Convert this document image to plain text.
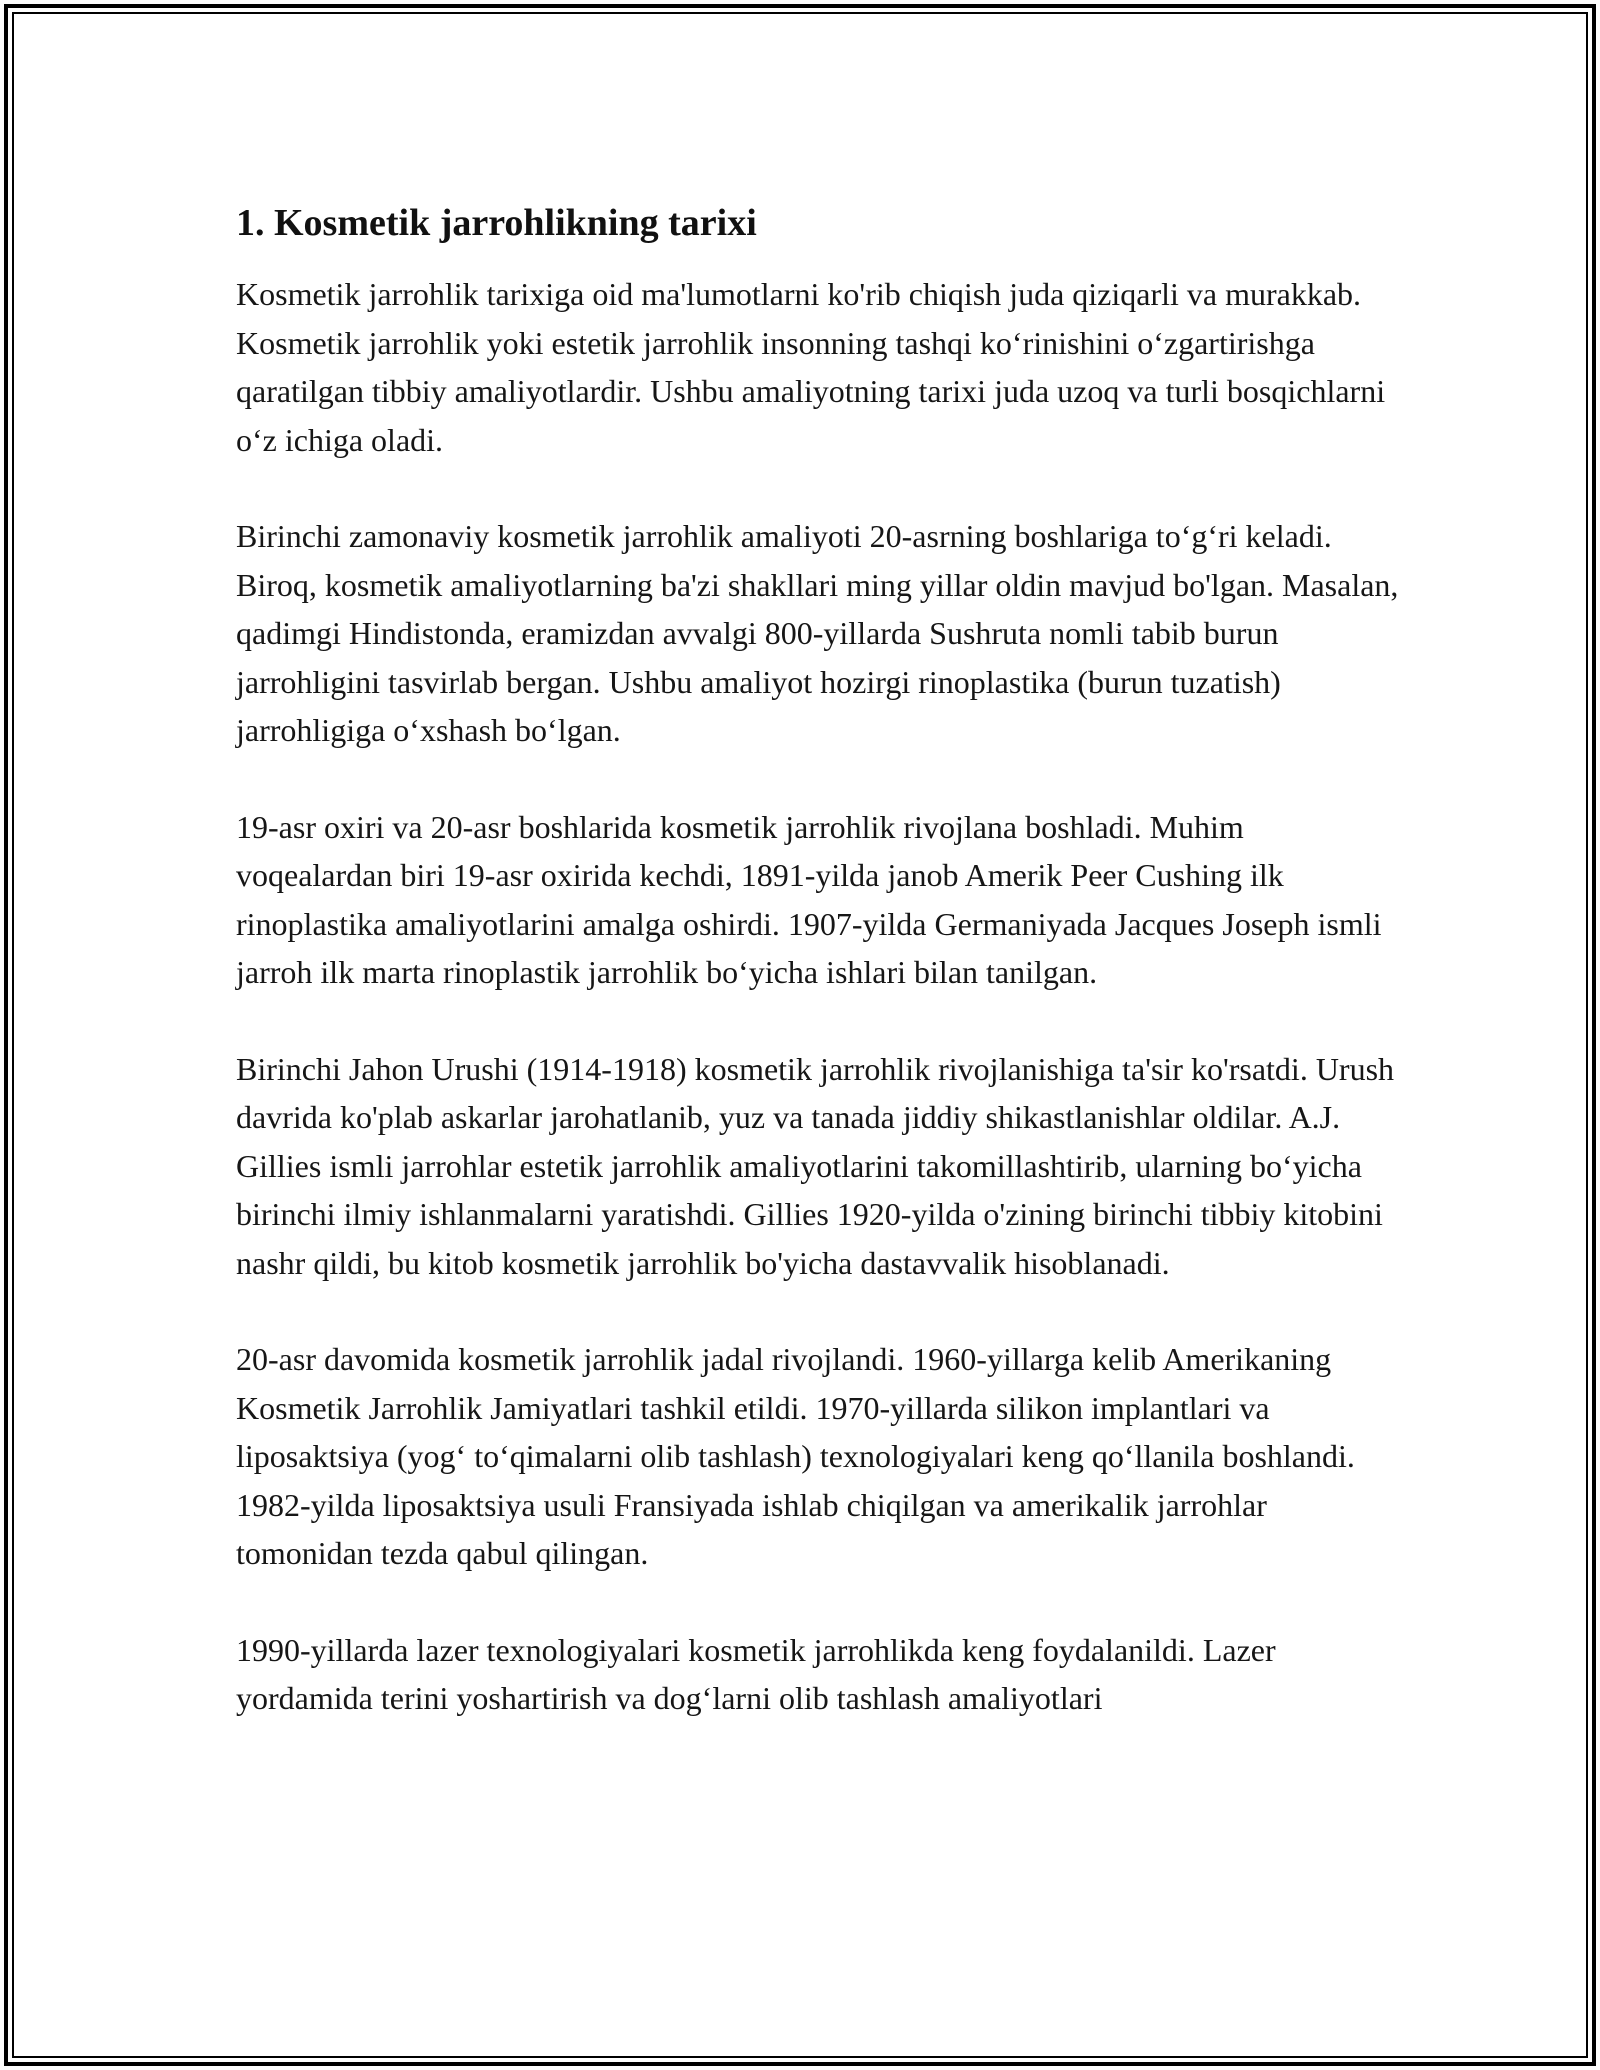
1. Kosmetik jarrohlikning tarixi

Kosmetik jarrohlik tarixiga oid ma'lumotlarni ko'rib chiqish juda qiziqarli va murakkab. Kosmetik jarrohlik yoki estetik jarrohlik insonning tashqi koʻrinishini oʻzgartirishga qaratilgan tibbiy amaliyotlardir. Ushbu amaliyotning tarixi juda uzoq va turli bosqichlarni oʻz ichiga oladi.

Birinchi zamonaviy kosmetik jarrohlik amaliyoti 20-asrning boshlariga toʻgʻri keladi. Biroq, kosmetik amaliyotlarning ba'zi shakllari ming yillar oldin mavjud bo'lgan. Masalan, qadimgi Hindistonda, eramizdan avvalgi 800-yillarda Sushruta nomli tabib burun jarrohligini tasvirlab bergan. Ushbu amaliyot hozirgi rinoplastika (burun tuzatish) jarrohligiga oʻxshash boʻlgan.

19-asr oxiri va 20-asr boshlarida kosmetik jarrohlik rivojlana boshladi. Muhim voqealardan biri 19-asr oxirida kechdi, 1891-yilda janob Amerik Peer Cushing ilk rinoplastika amaliyotlarini amalga oshirdi. 1907-yilda Germaniyada Jacques Joseph ismli jarroh ilk marta rinoplastik jarrohlik boʻyicha ishlari bilan tanilgan.

Birinchi Jahon Urushi (1914-1918) kosmetik jarrohlik rivojlanishiga ta'sir ko'rsatdi. Urush davrida ko'plab askarlar jarohatlanib, yuz va tanada jiddiy shikastlanishlar oldilar. A.J. Gillies ismli jarrohlar estetik jarrohlik amaliyotlarini takomillashtirib, ularning boʻyicha birinchi ilmiy ishlanmalarni yaratishdi. Gillies 1920-yilda o'zining birinchi tibbiy kitobini nashr qildi, bu kitob kosmetik jarrohlik bo'yicha dastavvalik hisoblanadi.

20-asr davomida kosmetik jarrohlik jadal rivojlandi. 1960-yillarga kelib Amerikaning Kosmetik Jarrohlik Jamiyatlari tashkil etildi. 1970-yillarda silikon implantlari va liposaktsiya (yogʻ toʻqimalarni olib tashlash) texnologiyalari keng qoʻllanila boshlandi. 1982-yilda liposaktsiya usuli Fransiyada ishlab chiqilgan va amerikalik jarrohlar tomonidan tezda qabul qilingan.

1990-yillarda lazer texnologiyalari kosmetik jarrohlikda keng foydalanildi. Lazer yordamida terini yoshartirish va dogʻlarni olib tashlash amaliyotlari
